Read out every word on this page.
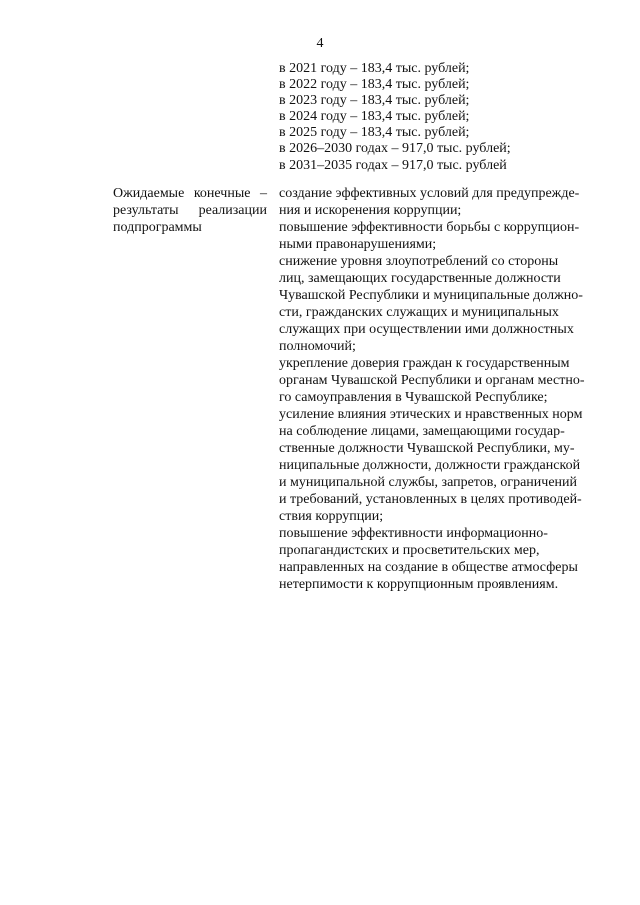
4
в 2021 году – 183,4 тыс. рублей;
в 2022 году – 183,4 тыс. рублей;
в 2023 году – 183,4 тыс. рублей;
в 2024 году – 183,4 тыс. рублей;
в 2025 году – 183,4 тыс. рублей;
в 2026–2030 годах – 917,0 тыс. рублей;
в 2031–2035 годах – 917,0 тыс. рублей
Ожидаемые конечные –
результаты реализации
подпрограммы
создание эффективных условий для предупрежде-
ния и искоренения коррупции;
повышение эффективности борьбы с коррупцион-
ными правонарушениями;
снижение уровня злоупотреблений со стороны
лиц, замещающих государственные должности
Чувашской Республики и муниципальные должно-
сти, гражданских служащих и муниципальных
служащих при осуществлении ими должностных
полномочий;
укрепление доверия граждан к государственным
органам Чувашской Республики и органам местно-
го самоуправления в Чувашской Республике;
усиление влияния этических и нравственных норм
на соблюдение лицами, замещающими государ-
ственные должности Чувашской Республики, му-
ниципальные должности, должности гражданской
и муниципальной службы, запретов, ограничений
и требований, установленных в целях противодей-
ствия коррупции;
повышение эффективности информационно-
пропагандистских и просветительских мер,
направленных на создание в обществе атмосферы
нетерпимости к коррупционным проявлениям.
